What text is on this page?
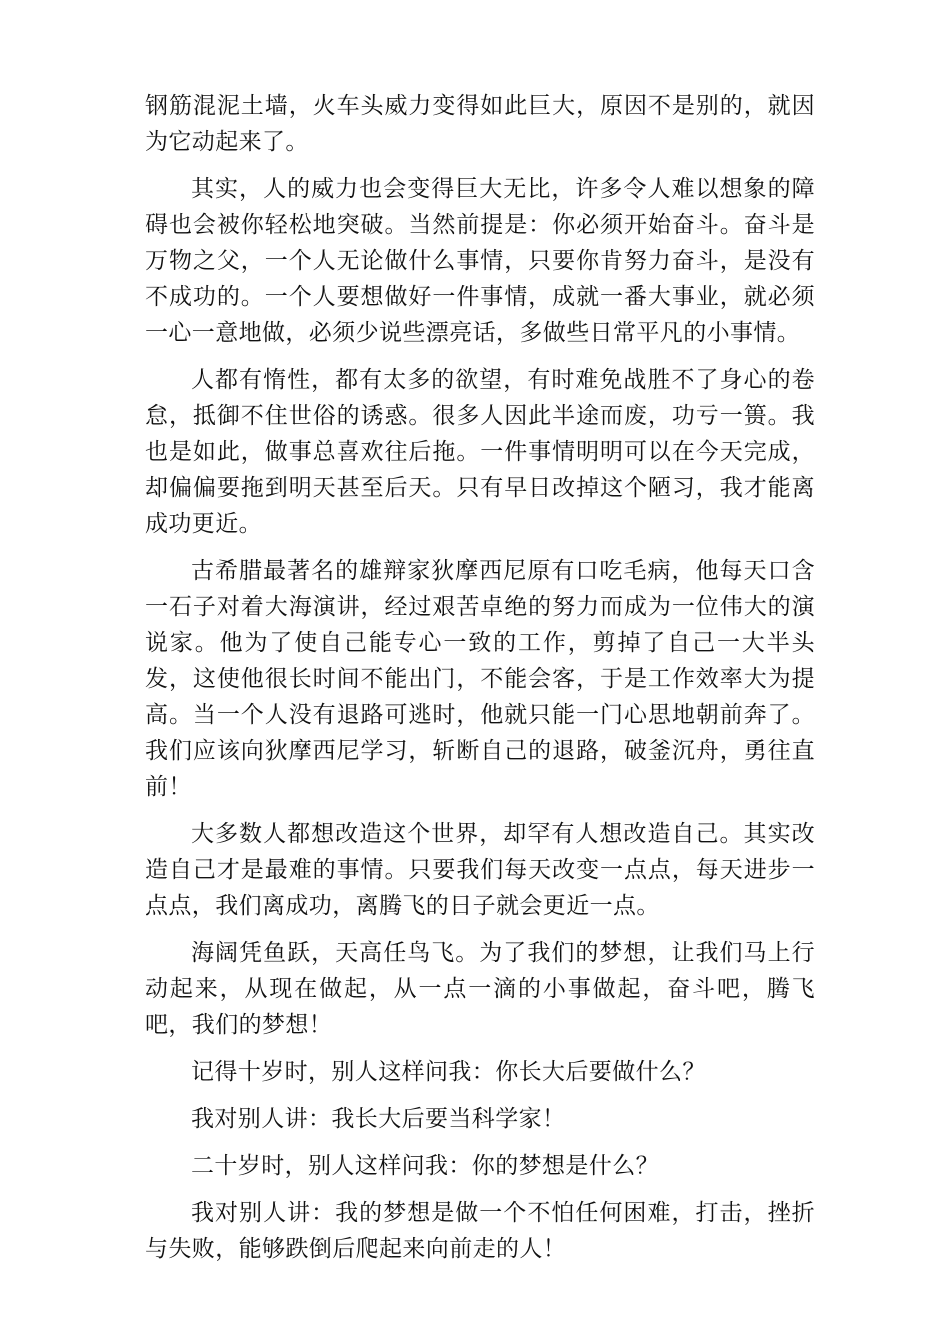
钢筋混泥土墙，火车头威力变得如此巨大，原因不是别的，就因为它动起来了。

其实，人的威力也会变得巨大无比，许多令人难以想象的障碍也会被你轻松地突破。当然前提是：你必须开始奋斗。奋斗是万物之父，一个人无论做什么事情，只要你肯努力奋斗，是没有不成功的。一个人要想做好一件事情，成就一番大事业，就必须一心一意地做，必须少说些漂亮话，多做些日常平凡的小事情。

人都有惰性，都有太多的欲望，有时难免战胜不了身心的卷怠，抵御不住世俗的诱惑。很多人因此半途而废，功亏一篑。我也是如此，做事总喜欢往后拖。一件事情明明可以在今天完成，却偏偏要拖到明天甚至后天。只有早日改掉这个陋习，我才能离成功更近。

古希腊最著名的雄辩家狄摩西尼原有口吃毛病，他每天口含一石子对着大海演讲，经过艰苦卓绝的努力而成为一位伟大的演说家。他为了使自己能专心一致的工作，剪掉了自己一大半头发，这使他很长时间不能出门，不能会客，于是工作效率大为提高。当一个人没有退路可逃时，他就只能一门心思地朝前奔了。我们应该向狄摩西尼学习，斩断自己的退路，破釜沉舟，勇往直前！

大多数人都想改造这个世界，却罕有人想改造自己。其实改造自己才是最难的事情。只要我们每天改变一点点，每天进步一点点，我们离成功，离腾飞的日子就会更近一点。

海阔凭鱼跃，天高任鸟飞。为了我们的梦想，让我们马上行动起来，从现在做起，从一点一滴的小事做起，奋斗吧，腾飞吧，我们的梦想！

记得十岁时，别人这样问我：你长大后要做什么？

我对别人讲：我长大后要当科学家！

二十岁时，别人这样问我：你的梦想是什么？

我对别人讲：我的梦想是做一个不怕任何困难，打击，挫折与失败，能够跌倒后爬起来向前走的人！
